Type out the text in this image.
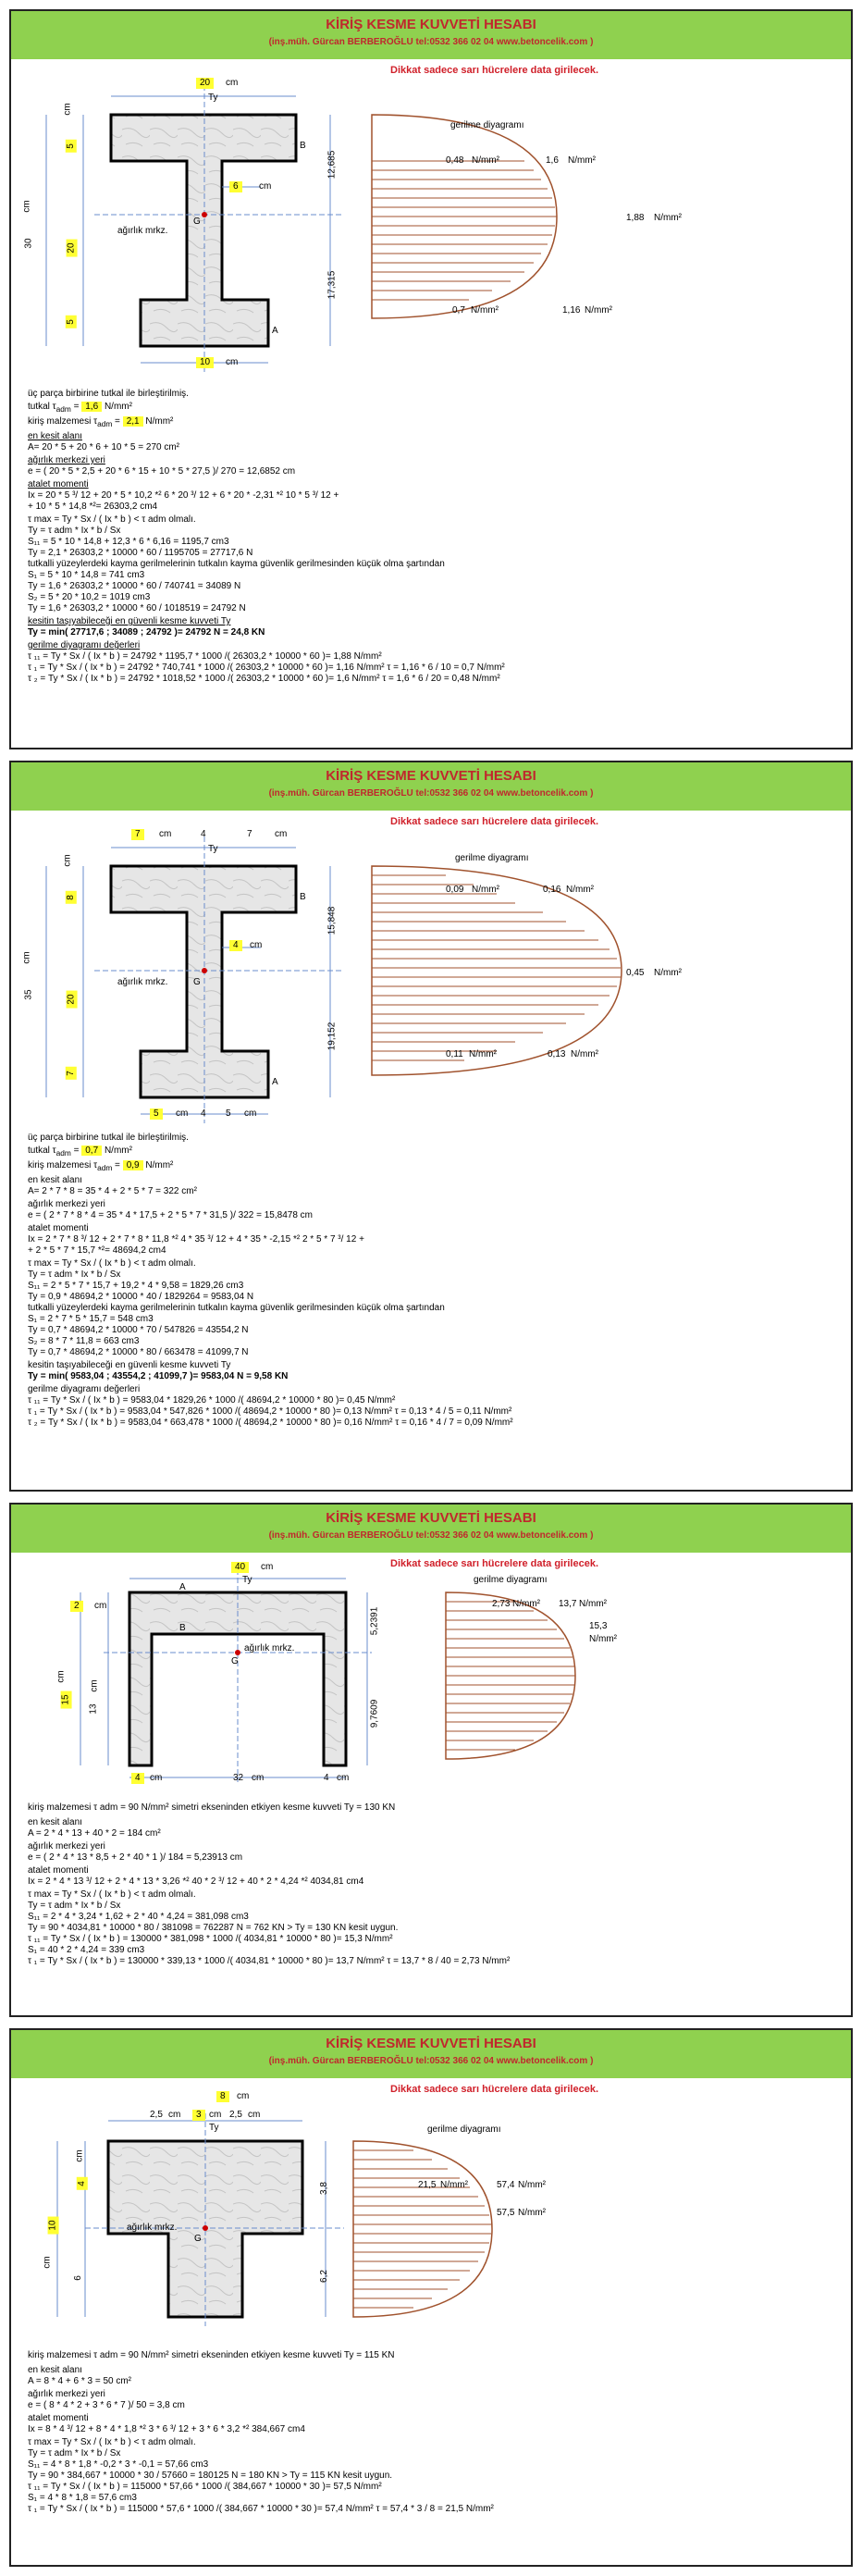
KİRİŞ KESME KUVVETİ HESABI
(inş.müh. Gürcan BERBEROĞLU tel:0532 366 02 04 www.betoncelik.com )
Dikkat sadece sarı hücrelere data girilecek.
20	cm
Ty
6	cm
10	cm
ağırlık mrkz.
G
B
A
5
20
5
30
cm
cm
12,685
17,315
gerilme diyagramı
0,48 N/mm²	1,6 N/mm²
1,88 N/mm²
0,7 N/mm²	1,16 N/mm²
üç parça birbirine tutkal ile birleştirilmiş.
tutkal $\tau_{adm} = 1,6$ N/mm²
kiriş malzemesi $\tau_{adm} = 2,1$ N/mm²
en kesit alanı
A= 20 * 5 + 20 * 6 + 10 * 5 = 270 cm²
ağırlık merkezi yeri
e = ( 20 * 5 * 2,5 + 20 * 6 * 15 + 10 * 5 * 27,5 )/ 270 = 12,6852 cm
atalet momenti
Ix = 20 * 5 ³/ 12 + 20 * 5 * 10,2 *² 6 * 20 ³/ 12 + 6 * 20 * -2,31 *² 10 * 5 ³/ 12 +
+ 10 * 5 * 14,8 *²= 26303,2 cm4
τ max = Ty * Sx / ( Ix * b ) < τ adm olmalı.
Ty = τ adm * Ix * b / Sx
S₁₁ = 5 * 10 * 14,8 + 12,3 * 6 * 6,16 = 1195,7 cm3
Ty = 2,1 * 26303,2 * 10000 * 60 / 1195705 = 27717,6 N
tutkalli yüzeylerdeki kayma gerilmelerinin tutkalın kayma güvenlik gerilmesinden küçük olma şartından
S₁ = 5 * 10 * 14,8 = 741 cm3
Ty = 1,6 * 26303,2 * 10000 * 60 / 740741 = 34089 N
S₂ = 5 * 20 * 10,2 = 1019 cm3
Ty = 1,6 * 26303,2 * 10000 * 60 / 1018519 = 24792 N
kesitin taşıyabileceği en güvenli kesme kuvveti Ty
Ty = min( 27717,6 ; 34089 ; 24792 )= 24792 N = 24,8 KN
gerilme diyagramı değerleri
τ ₁₁ = Ty * Sx / ( Ix * b ) = 24792 * 1195,7 * 1000 /( 26303,2 * 10000 * 60 )= 1,88 N/mm²
τ ₁ = Ty * Sx / ( Ix * b ) = 24792 * 740,741 * 1000 /( 26303,2 * 10000 * 60 )= 1,16 N/mm² τ = 1,16 * 6 / 10 = 0,7 N/mm²
τ ₂ = Ty * Sx / ( Ix * b ) = 24792 * 1018,52 * 1000 /( 26303,2 * 10000 * 60 )= 1,6 N/mm² τ = 1,6 * 6 / 20 = 0,48 N/mm²
KİRİŞ KESME KUVVETİ HESABI
(inş.müh. Gürcan BERBEROĞLU tel:0532 366 02 04 www.betoncelik.com )
Dikkat sadece sarı hücrelere data girilecek.
7	cm	4	7 cm
Ty
4	cm
5	cm 4 5 cm
ağırlık mrkz.	G
B
A
8
20
7
35
cm
cm
15,848
19,152
gerilme diyagramı
0,09 N/mm²	0,16 N/mm²
0,45 N/mm²
0,11 N/mm²	0,13 N/mm²
üç parça birbirine tutkal ile birleştirilmiş.
tutkal $\tau_{adm} = 0,7$ N/mm²
kiriş malzemesi $\tau_{adm} = 0,9$ N/mm²
en kesit alanı
A= 2 * 7 * 8 = 35 * 4 + 2 * 5 * 7 = 322 cm²
ağırlık merkezi yeri
e = ( 2 * 7 * 8 * 4 = 35 * 4 * 17,5 + 2 * 5 * 7 * 31,5 )/ 322 = 15,8478 cm
atalet momenti
Ix = 2 * 7 * 8 ³/ 12 + 2 * 7 * 8 * 11,8 *² 4 * 35 ³/ 12 + 4 * 35 * -2,15 *² 2 * 5 * 7 ³/ 12 +
+ 2 * 5 * 7 * 15,7 *²= 48694,2 cm4
τ max = Ty * Sx / ( Ix * b ) < τ adm olmalı.
Ty = τ adm * Ix * b / Sx
S₁₁ = 2 * 5 * 7 * 15,7 + 19,2 * 4 * 9,58 = 1829,26 cm3
Ty = 0,9 * 48694,2 * 10000 * 40 / 1829264 = 9583,04 N
tutkalli yüzeylerdeki kayma gerilmelerinin tutkalın kayma güvenlik gerilmesinden küçük olma şartından
S₁ = 2 * 7 * 5 * 15,7 = 548 cm3
Ty = 0,7 * 48694,2 * 10000 * 70 / 547826 = 43554,2 N
S₂ = 8 * 7 * 11,8 = 663 cm3
Ty = 0,7 * 48694,2 * 10000 * 80 / 663478 = 41099,7 N
kesitin taşıyabileceği en güvenli kesme kuvveti Ty
Ty = min( 9583,04 ; 43554,2 ; 41099,7 )= 9583,04 N = 9,58 KN
gerilme diyagramı değerleri
τ ₁₁ = Ty * Sx / ( Ix * b ) = 9583,04 * 1829,26 * 1000 /( 48694,2 * 10000 * 80 )= 0,45 N/mm²
τ ₁ = Ty * Sx / ( Ix * b ) = 9583,04 * 547,826 * 1000 /( 48694,2 * 10000 * 80 )= 0,13 N/mm² τ = 0,13 * 4 / 5 = 0,11 N/mm²
τ ₂ = Ty * Sx / ( Ix * b ) = 9583,04 * 663,478 * 1000 /( 48694,2 * 10000 * 80 )= 0,16 N/mm² τ = 0,16 * 4 / 7 = 0,09 N/mm²
KİRİŞ KESME KUVVETİ HESABI
(inş.müh. Gürcan BERBEROĞLU tel:0532 366 02 04 www.betoncelik.com )
Dikkat sadece sarı hücrelere data girilecek.
40	cm
Ty
2	cm
A
B
G
ağırlık mrkz.
15
13
cm
cm
5,2391
9,7609
4	cm	32 cm	4 cm
gerilme diyagramı
2,73 N/mm² 13,7 N/mm²
15,3
N/mm²
kiriş malzemesi τ adm = 90 N/mm² simetri ekseninden etkiyen kesme kuvveti Ty = 130 KN
en kesit alanı
A = 2 * 4 * 13 + 40 * 2 = 184 cm²
ağırlık merkezi yeri
e = ( 2 * 4 * 13 * 8,5 + 2 * 40 * 1 )/ 184 = 5,23913 cm
atalet momenti
Ix = 2 * 4 * 13 ³/ 12 + 2 * 4 * 13 * 3,26 *² 40 * 2 ³/ 12 + 40 * 2 * 4,24 *² 4034,81 cm4
τ max = Ty * Sx / ( Ix * b ) < τ adm olmalı.
Ty = τ adm * Ix * b / Sx
S₁₁ = 2 * 4 * 3,24 * 1,62 + 2 * 40 * 4,24 = 381,098 cm3
Ty = 90 * 4034,81 * 10000 * 80 / 381098 = 762287 N = 762 KN > Ty = 130 KN kesit uygun.
τ ₁₁ = Ty * Sx / ( Ix * b ) = 130000 * 381,098 * 1000 /( 4034,81 * 10000 * 80 )= 15,3 N/mm²
S₁ = 40 * 2 * 4,24 = 339 cm3
τ ₁ = Ty * Sx / ( Ix * b ) = 130000 * 339,13 * 1000 /( 4034,81 * 10000 * 80 )= 13,7 N/mm² τ = 13,7 * 8 / 40 = 2,73 N/mm²
KİRİŞ KESME KUVVETİ HESABI
(inş.müh. Gürcan BERBEROĞLU tel:0532 366 02 04 www.betoncelik.com )
Dikkat sadece sarı hücrelere data girilecek.
8	cm
2,5 cm	3 cm 2,5 cm
Ty
ağırlık mrkz.
G
4
10
6
cm
cm
3,8
6,2
gerilme diyagramı
21,5 N/mm²	57,4 N/mm²
57,5 N/mm²
kiriş malzemesi τ adm = 90 N/mm² simetri ekseninden etkiyen kesme kuvveti Ty = 115 KN
en kesit alanı
A = 8 * 4 + 6 * 3 = 50 cm²
ağırlık merkezi yeri
e = ( 8 * 4 * 2 + 3 * 6 * 7 )/ 50 = 3,8 cm
atalet momenti
Ix = 8 * 4 ³/ 12 + 8 * 4 * 1,8 *² 3 * 6 ³/ 12 + 3 * 6 * 3,2 *² 384,667 cm4
τ max = Ty * Sx / ( Ix * b ) < τ adm olmalı.
Ty = τ adm * Ix * b / Sx
S₁₁ = 4 * 8 * 1,8 * -0,2 * 3 * -0,1 = 57,66 cm3
Ty = 90 * 384,667 * 10000 * 30 / 57660 = 180125 N = 180 KN > Ty = 115 KN kesit uygun.
τ ₁₁ = Ty * Sx / ( Ix * b ) = 115000 * 57,66 * 1000 /( 384,667 * 10000 * 30 )= 57,5 N/mm²
S₁ = 4 * 8 * 1,8 = 57,6 cm3
τ ₁ = Ty * Sx / ( Ix * b ) = 115000 * 57,6 * 1000 /( 384,667 * 10000 * 30 )= 57,4 N/mm² τ = 57,4 * 3 / 8 = 21,5 N/mm²
